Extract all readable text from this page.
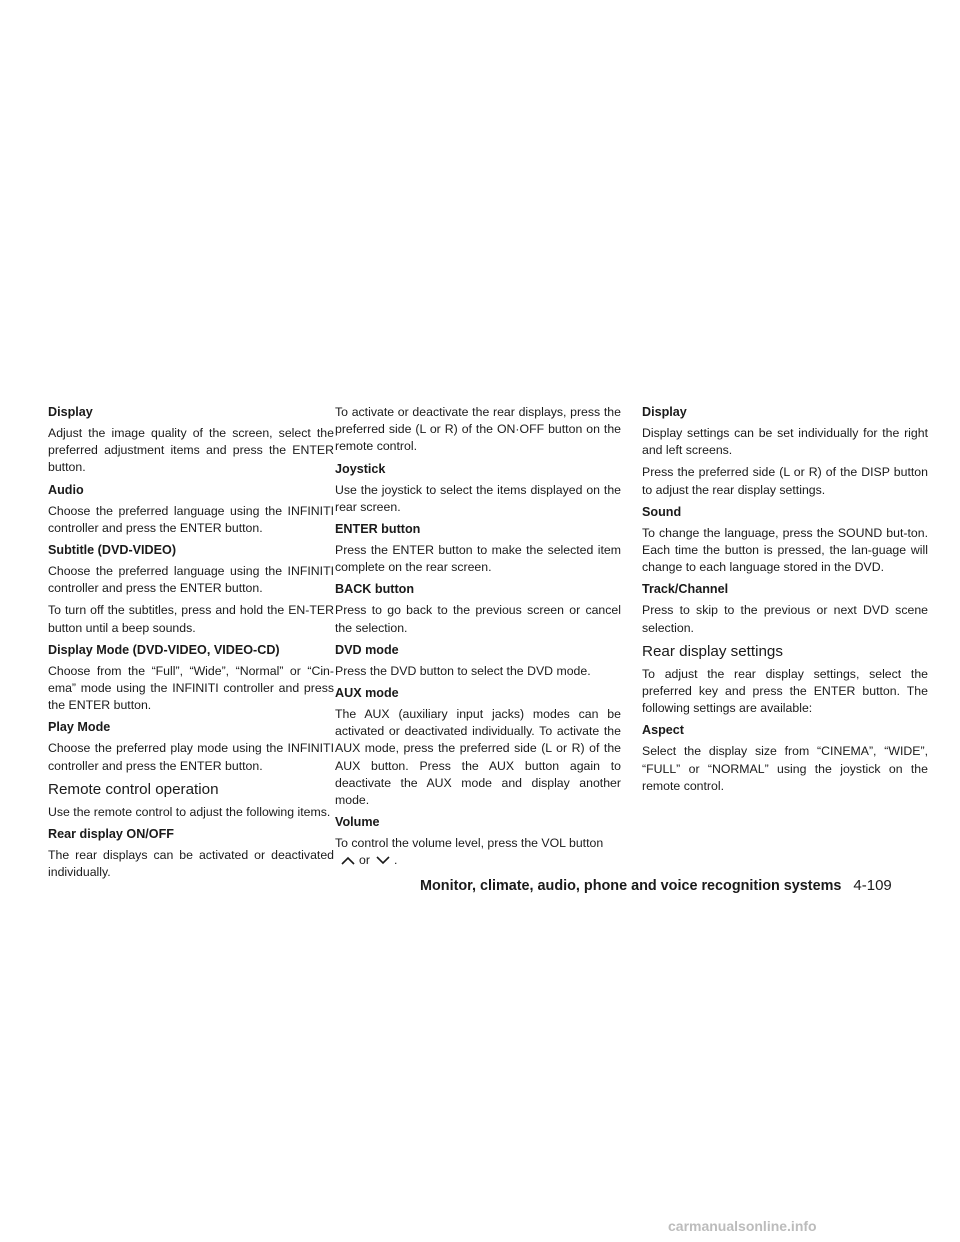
Display

Adjust the image quality of the screen, select the preferred adjustment items and press the ENTER button.

Audio

Choose the preferred language using the INFINITI controller and press the ENTER button.

Subtitle (DVD-VIDEO)

Choose the preferred language using the INFINITI controller and press the ENTER button.

To turn off the subtitles, press and hold the EN-TER button until a beep sounds.

Display Mode (DVD-VIDEO, VIDEO-CD)

Choose from the “Full”, “Wide”, “Normal” or “Cin-ema” mode using the INFINITI controller and press the ENTER button.

Play Mode

Choose the preferred play mode using the INFINITI controller and press the ENTER button.

Remote control operation

Use the remote control to adjust the following items.

Rear display ON/OFF

The rear displays can be activated or deactivated individually.

To activate or deactivate the rear displays, press the preferred side (L or R) of the ON·OFF button on the remote control.

Joystick

Use the joystick to select the items displayed on the rear screen.

ENTER button

Press the ENTER button to make the selected item complete on the rear screen.

BACK button

Press to go back to the previous screen or cancel the selection.

DVD mode

Press the DVD button to select the DVD mode.

AUX mode

The AUX (auxiliary input jacks) modes can be activated or deactivated individually. To activate the AUX mode, press the preferred side (L or R) of the AUX button. Press the AUX button again to deactivate the AUX mode and display another mode.

Volume

To control the volume level, press the VOL buttonor .

Display

Display settings can be set individually for the right and left screens.

Press the preferred side (L or R) of the DISP button to adjust the rear display settings.

Sound

To change the language, press the SOUND but-ton. Each time the button is pressed, the lan-guage will change to each language stored in the DVD.

Track/Channel

Press to skip to the previous or next DVD scene selection.

Rear display settings

To adjust the rear display settings, select the preferred key and press the ENTER button. The following settings are available:

Aspect

Select the display size from “CINEMA”, “WIDE”, “FULL” or “NORMAL” using the joystick on the remote control.

Monitor, climate, audio, phone and voice recognition systems 4-109
carmanualsonline.info
